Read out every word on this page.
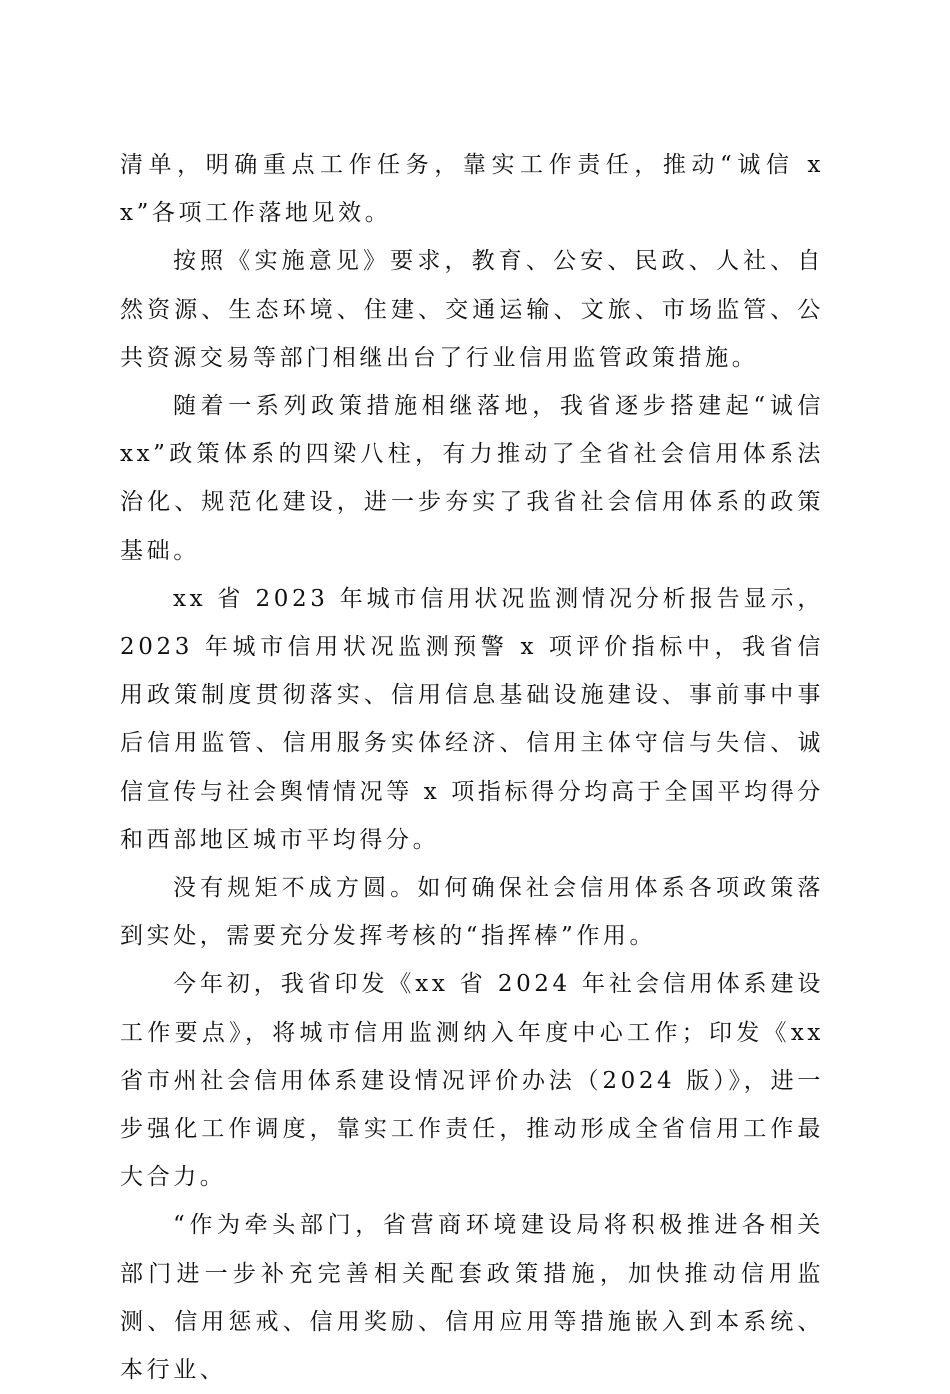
清单，明确重点工作任务，靠实工作责任，推动“诚信 xx”各项工作落地见效。

按照《实施意见》要求，教育、公安、民政、人社、自然资源、生态环境、住建、交通运输、文旅、市场监管、公共资源交易等部门相继出台了行业信用监管政策措施。

随着一系列政策措施相继落地，我省逐步搭建起“诚信 xx”政策体系的四梁八柱，有力推动了全省社会信用体系法治化、规范化建设，进一步夯实了我省社会信用体系的政策基础。

xx 省 2023 年城市信用状况监测情况分析报告显示，2023 年城市信用状况监测预警 x 项评价指标中，我省信用政策制度贯彻落实、信用信息基础设施建设、事前事中事后信用监管、信用服务实体经济、信用主体守信与失信、诚信宣传与社会舆情情况等 x 项指标得分均高于全国平均得分和西部地区城市平均得分。

没有规矩不成方圆。如何确保社会信用体系各项政策落到实处，需要充分发挥考核的“指挥棒”作用。

今年初，我省印发《xx 省 2024 年社会信用体系建设工作要点》，将城市信用监测纳入年度中心工作；印发《xx 省市州社会信用体系建设情况评价办法（2024 版）》，进一步强化工作调度，靠实工作责任，推动形成全省信用工作最大合力。

“作为牵头部门，省营商环境建设局将积极推进各相关部门进一步补充完善相关配套政策措施，加快推动信用监测、信用惩戒、信用奖励、信用应用等措施嵌入到本系统、本行业、
